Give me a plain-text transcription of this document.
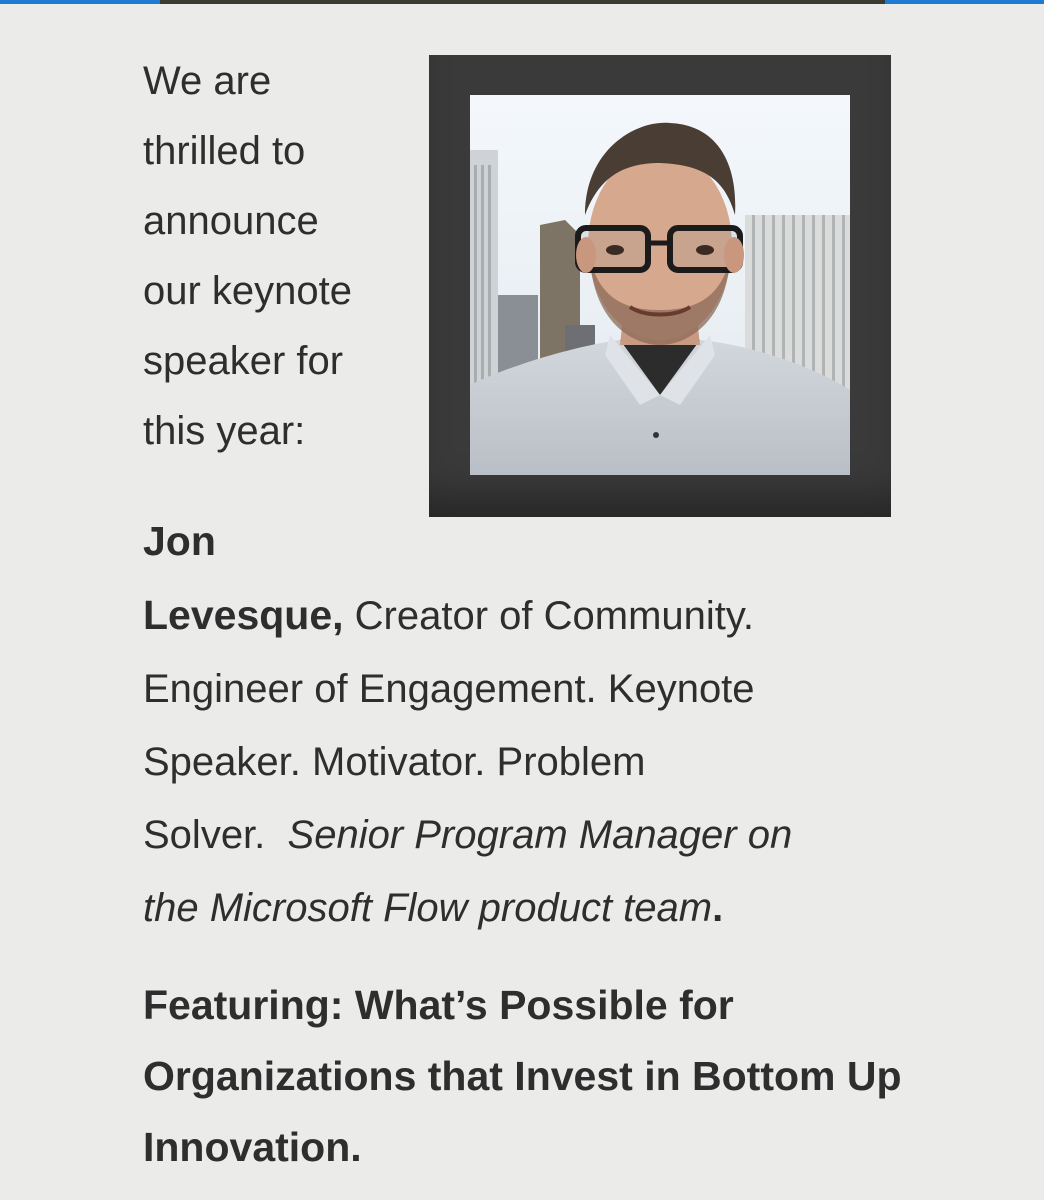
We are
thrilled to
announce
our keynote
speaker for
this year:

Jon
Levesque, Creator of Community.
Engineer of Engagement. Keynote
Speaker. Motivator. Problem
Solver.  Senior Program Manager on
the Microsoft Flow product team.

Featuring: What’s Possible for Organizations that Invest in Bottom Up Innovation.
